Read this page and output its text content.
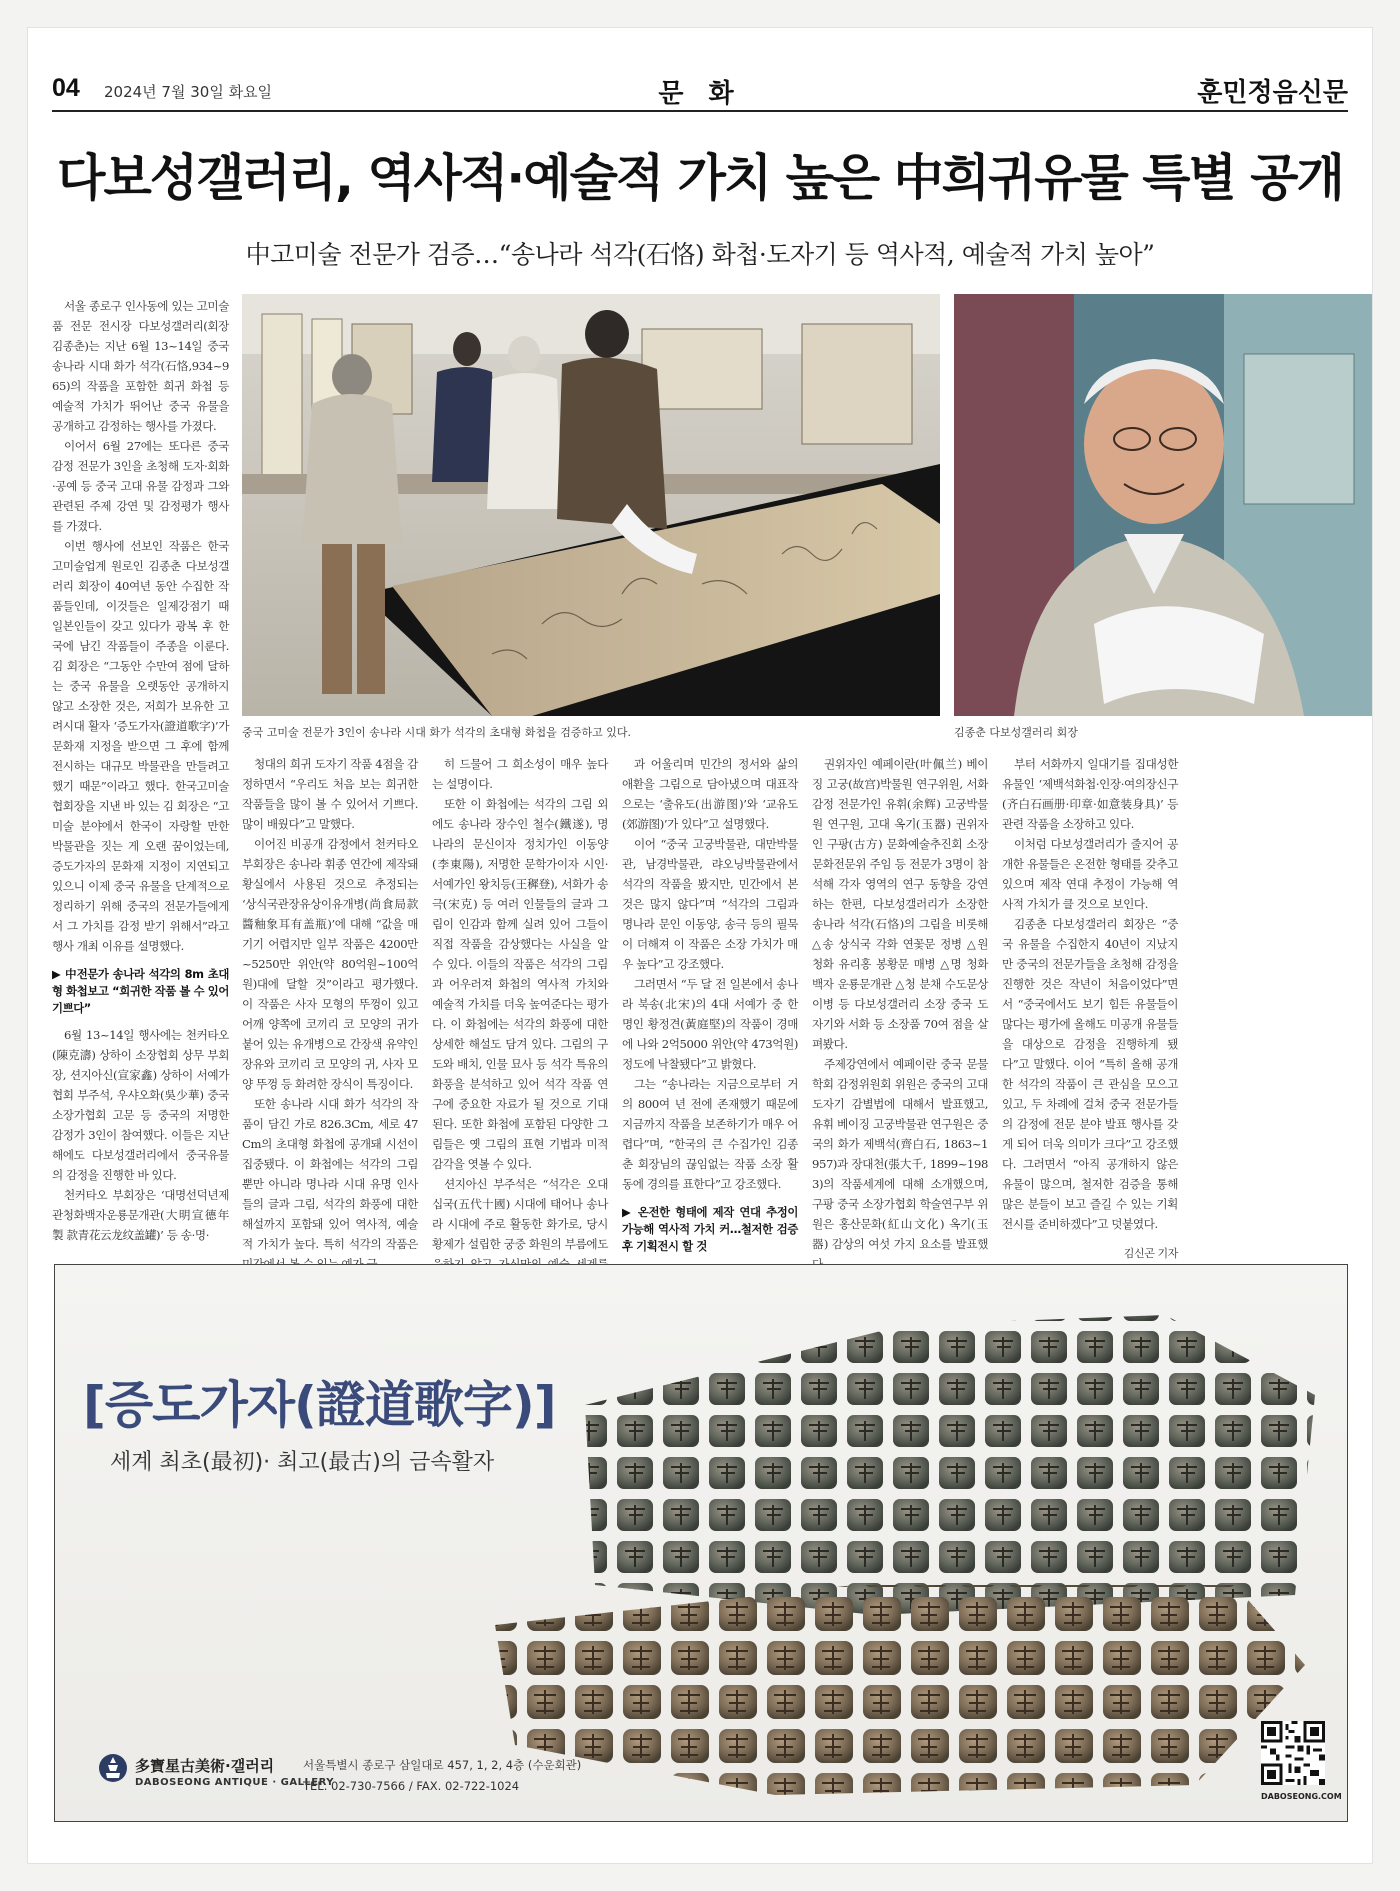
04 2024년 7월 30일 화요일	문 화	훈민정음신문
다보성갤러리, 역사적·예술적 가치 높은 中희귀유물 특별 공개
中고미술 전문가 검증…“송나라 석각(石恪) 화첩·도자기 등 역사적, 예술적 가치 높아”

서울 종로구 인사동에 있는 고미술품 전문 전시장 다보성갤러리(회장 김종춘)는 지난 6월 13~14일 중국 송나라 시대 화가 석각(石恪,934~965)의 작품을 포함한 희귀 화첩 등 예술적 가치가 뛰어난 중국 유물을 공개하고 감정하는 행사를 가졌다.

이어서 6월 27에는 또다른 중국 감정 전문가 3인을 초청해 도자·회화·공예 등 중국 고대 유물 감정과 그와 관련된 주제 강연 및 감정평가 행사를 가졌다.

이번 행사에 선보인 작품은 한국 고미술업계 원로인 김종춘 다보성갤러리 회장이 40여년 동안 수집한 작품들인데, 이것들은 일제강점기 때 일본인들이 갖고 있다가 광복 후 한국에 남긴 작품들이 주종을 이룬다. 김 회장은 “그동안 수만여 점에 달하는 중국 유물을 오랫동안 공개하지 않고 소장한 것은, 저희가 보유한 고려시대 활자 ‘증도가자(證道歌字)’가 문화재 지정을 받으면 그 후에 함께 전시하는 대규모 박물관을 만들려고 했기 때문”이라고 했다. 한국고미술협회장을 지낸 바 있는 김 회장은 “고미술 분야에서 한국이 자랑할 만한 박물관을 짓는 게 오랜 꿈이었는데, 증도가자의 문화재 지정이 지연되고 있으니 이제 중국 유물을 단계적으로 정리하기 위해 중국의 전문가들에게서 그 가치를 감정 받기 위해서”라고 행사 개최 이유를 설명했다.

▶ 中전문가 송나라 석각의 8m 초대형 화첩보고 “희귀한 작품 볼 수 있어 기쁘다”

6월 13~14일 행사에는 천커타오(陳克濤) 상하이 소장협회 상무 부회장, 션지아신(宣家鑫) 상하이 서예가협회 부주석, 우샤오화(吳少華) 중국소장가협회 고문 등 중국의 저명한 감정가 3인이 참여했다. 이들은 지난해에도 다보성갤러리에서 중국유물의 감정을 진행한 바 있다.

천커타오 부회장은 ‘대명선덕년제 관청화백자운룡문개관(大明宣德年製 款青花云龙纹盖罐)’ 등 송·명·

중국 고미술 전문가 3인이 송나라 시대 화가 석각의 초대형 화첩을 검증하고 있다.	김종춘 다보성갤러리 회장

청대의 희귀 도자기 작품 4점을 감정하면서 “우리도 처음 보는 희귀한 작품들을 많이 볼 수 있어서 기쁘다. 많이 배웠다”고 말했다.

이어진 비공개 감정에서 천커타오 부회장은 송나라 휘종 연간에 제작돼 황실에서 사용된 것으로 추정되는 ‘상식국관장유상이유개병(尚食局款醬釉象耳有盖瓶)’에 대해 “값을 매기기 어렵지만 일부 작품은 4200만~5250만 위안(약 80억원~100억원)대에 달할 것”이라고 평가했다. 이 작품은 사자 모형의 뚜껑이 있고 어깨 양쪽에 코끼리 코 모양의 귀가 붙어 있는 유개병으로 간장색 유약인 장유와 코끼리 코 모양의 귀, 사자 모양 뚜껑 등 화려한 장식이 특징이다.

또한 송나라 시대 화가 석각의 작품이 담긴 가로 826.3Cm, 세로 47Cm의 초대형 화첩에 공개돼 시선이 집중됐다. 이 화첩에는 석각의 그림뿐만 아니라 명나라 시대 유명 인사들의 글과 그림, 석각의 화풍에 대한 해설까지 포함돼 있어 역사적, 예술적 가치가 높다. 특히 석각의 작품은

히 드물어 그 희소성이 매우 높다는 설명이다.

또한 이 화첩에는 석각의 그림 외에도 송나라 장수인 철수(鐵遂), 명나라의 문신이자 정치가인 이동양(李東陽), 저명한 문학가이자 시인·서예가인 왕치등(王穉登), 서화가 송극(宋克) 등 여러 인물들의 글과 그림이 인감과 함께 실려 있어 그들이 직접 작품을 감상했다는 사실을 알 수 있다. 이들의 작품은 석각의 그림과 어우러져 화첩의 역사적 가치와 예술적 가치를 더욱 높여준다는 평가다. 이 화첩에는 석각의 화풍에 대한 상세한 해설도 담겨 있다. 그림의 구도와 배치, 인물 묘사 등 석각 특유의 화풍을 분석하고 있어 석각 작품 연구에 중요한 자료가 될 것으로 기대된다. 또한 화첩에 포함된 다양한 그림들은 옛 그림의 표현 기법과 미적 감각을 엿볼 수 있다.

션지아신 부주석은 “석각은 오대십국(五代十國) 시대에 태어나 송나라 시대에 주로 활동한 화가로, 당시 황제가 설립한 궁중 화원의 부름에도

과 어울리며 민간의 정서와 삶의 애환을 그림으로 담아냈으며 대표작으로는 ‘출유도(出游图)’와 ‘교유도(郊游图)’가 있다”고 설명했다.

이어 “중국 고궁박물관, 대만박물관, 남경박물관, 랴오닝박물관에서 석각의 작품을 봤지만, 민간에서 본 것은 많지 않다”며 “석각의 그림과 명나라 문인 이동양, 송극 등의 필묵이 더해져 이 작품은 소장 가치가 매우 높다”고 강조했다.

그러면서 “두 달 전 일본에서 송나라 북송(北宋)의 4대 서예가 중 한 명인 황정견(黃庭堅)의 작품이 경매에 나와 2억5000 위안(약 473억원) 정도에 낙찰됐다”고 밝혔다.

그는 “송나라는 지금으로부터 거의 800여 년 전에 존재했기 때문에 지금까지 작품을 보존하기가 매우 어렵다”며, “한국의 큰 수집가인 김종춘 회장님의 끊임없는 작품 소장 활동에 경의를 표한다”고 강조했다.

▶ 온전한 형태에 제작 연대 추정이 가능해 역사적 가치 커…철저한 검증 후 기획전시 할 것

권위자인 예페이란(叶佩兰) 베이징 고궁(故宫)박물원 연구위원, 서화 감정 전문가인 유휘(余辉) 고궁박물원 연구원, 고대 옥기(玉器) 권위자인 구팡(古方) 문화예술추진회 소장 문화전문위 주임 등 전문가 3명이 참석해 각자 영역의 연구 동향을 강연하는 한편, 다보성갤러리가 소장한 송나라 석각(石恪)의 그림을 비롯해 △송 상식국 각화 연꽃문 정병 △원 청화 유리홍 봉황문 매병 △명 청화백자 운룡문개관 △청 분채 수도문상이병 등 다보성갤러리 소장 중국 도자기와 서화 등 소장품 70여 점을 살펴봤다.

주제강연에서 예페이란 중국 문물학회 감정위원회 위원은 중국의 고대 도자기 감별법에 대해서 발표했고, 유휘 베이징 고궁박물관 연구원은 중국의 화가 제백석(齊白石, 1863~1957)과 장대천(張大千, 1899~1983)의 작품세계에 대해 소개했으며, 구팡 중국 소장가협회 학술연구부 위원은 홍산문화(紅山文化) 옥기(玉器) 감상의 여섯 가지 요소를 발표했

부터 서화까지 일대기를 집대성한 유물인 ‘제백석화첩·인장·여의장신구(齐白石画册·印章·如意装身具)’ 등 관련 작품을 소장하고 있다.

이처럼 다보성갤러리가 줄지어 공개한 유물들은 온전한 형태를 갖추고 있으며 제작 연대 추정이 가능해 역사적 가치가 클 것으로 보인다.

김종춘 다보성갤러리 회장은 “중국 유물을 수집한지 40년이 지났지만 중국의 전문가들을 초청해 감정을 진행한 것은 작년이 처음이었다”면서 “중국에서도 보기 힘든 유물들이 많다는 평가에 올해도 미공개 유물들을 대상으로 감정을 진행하게 됐다”고 말했다. 이어 “특히 올해 공개한 석각의 작품이 큰 관심을 모으고 있고, 두 차례에 걸쳐 중국 전문가들의 감정에 전문 분야 발표 행사를 갖게 되어 더욱 의미가 크다”고 강조했다. 그러면서 “아직 공개하지 않은 유물이 많으며, 철저한 검증을 통해 많은 분들이 보고 즐길 수 있는 기획전시를 준비하겠다”고 덧붙였다.

김신곤 기자
[증도가자(證道歌字)]
세계 최초(最初)· 최고(最古)의 금속활자
多寶星古美術·갤러리
DABOSEONG ANTIQUE · GALLERY
서울특별시 종로구 삼일대로 457, 1, 2, 4층 (수운회관)
TEL. 02-730-7566 / FAX. 02-722-1024
DABOSEONG.COM
